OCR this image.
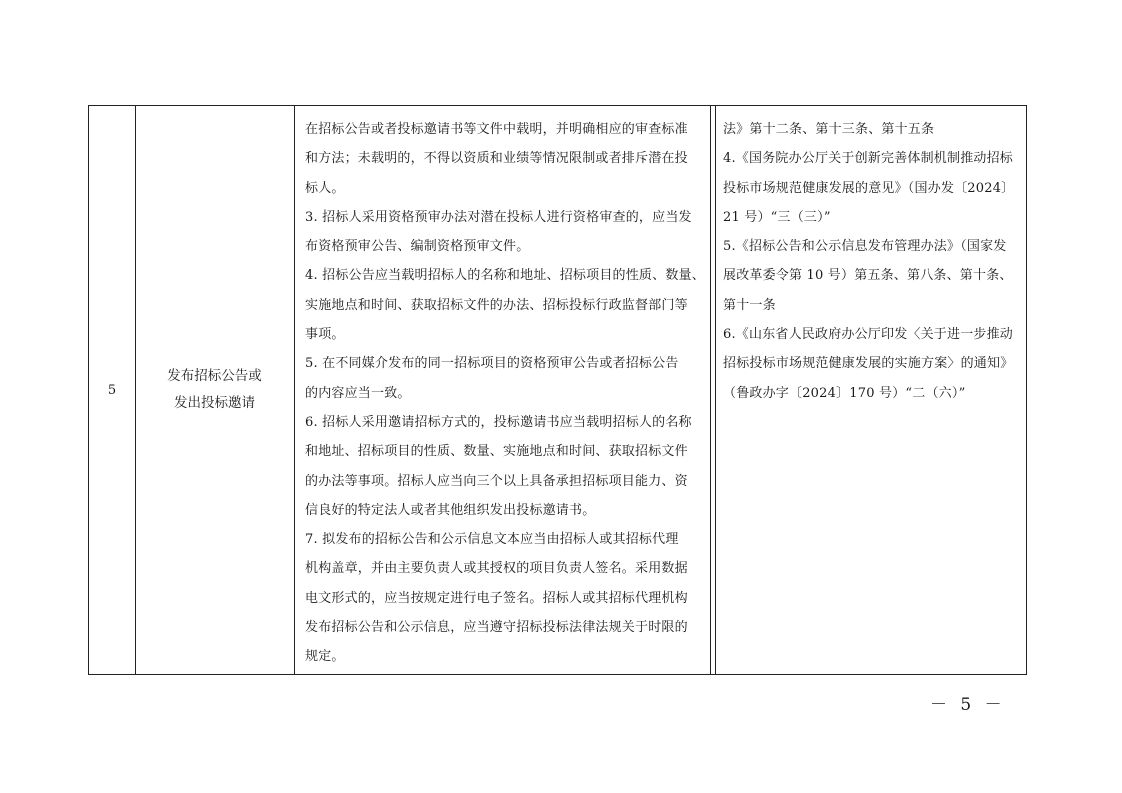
5
发布招标公告或
发出投标邀请
在招标公告或者投标邀请书等文件中载明，并明确相应的审查标准
和方法；未载明的，不得以资质和业绩等情况限制或者排斥潜在投
标人。
3. 招标人采用资格预审办法对潜在投标人进行资格审查的，应当发
布资格预审公告、编制资格预审文件。
4. 招标公告应当载明招标人的名称和地址、招标项目的性质、数量、
实施地点和时间、获取招标文件的办法、招标投标行政监督部门等
事项。
5. 在不同媒介发布的同一招标项目的资格预审公告或者招标公告
的内容应当一致。
6. 招标人采用邀请招标方式的，投标邀请书应当载明招标人的名称
和地址、招标项目的性质、数量、实施地点和时间、获取招标文件
的办法等事项。招标人应当向三个以上具备承担招标项目能力、资
信良好的特定法人或者其他组织发出投标邀请书。
7. 拟发布的招标公告和公示信息文本应当由招标人或其招标代理
机构盖章，并由主要负责人或其授权的项目负责人签名。采用数据
电文形式的，应当按规定进行电子签名。招标人或其招标代理机构
发布招标公告和公示信息，应当遵守招标投标法律法规关于时限的
规定。
法》第十二条、第十三条、第十五条
4.《国务院办公厅关于创新完善体制机制推动招标
投标市场规范健康发展的意见》（国办发〔2024〕
21 号）“三（三）”
5.《招标公告和公示信息发布管理办法》（国家发
展改革委令第 10 号）第五条、第八条、第十条、
第十一条
6.《山东省人民政府办公厅印发〈关于进一步推动
招标投标市场规范健康发展的实施方案〉的通知》
（鲁政办字〔2024〕170 号）“二（六）”
－ 5 －
